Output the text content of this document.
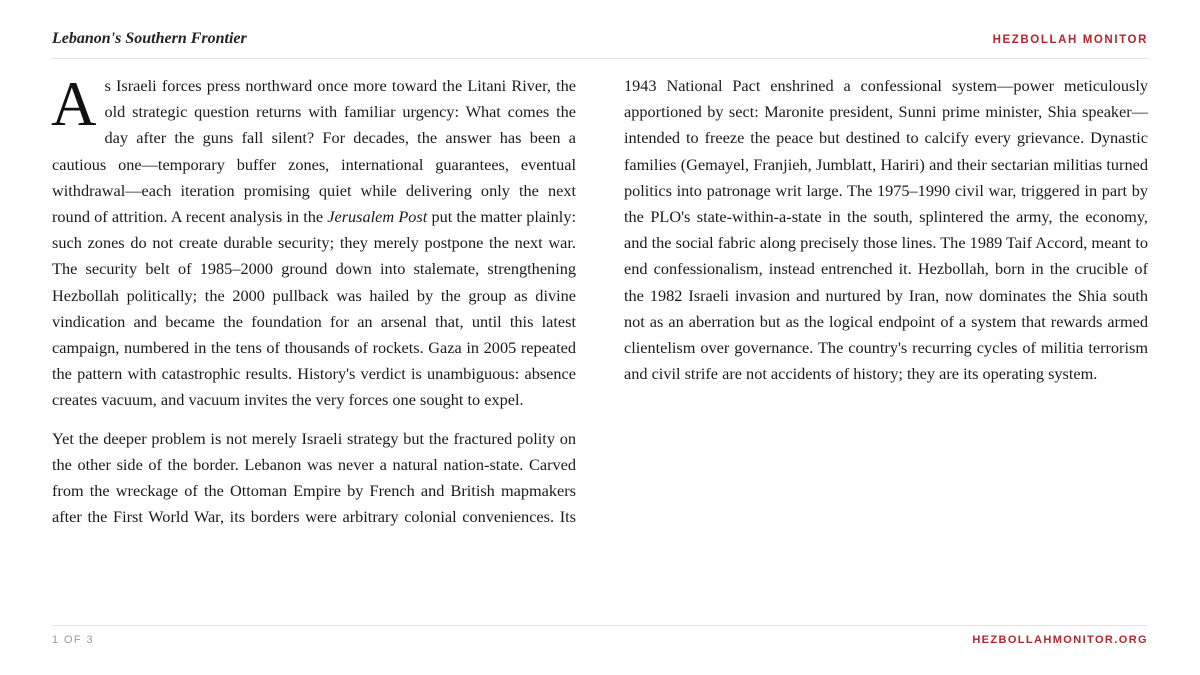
Lebanon's Southern Frontier	HEZBOLLAH MONITOR

As Israeli forces press northward once more toward the Litani River, the old strategic question returns with familiar urgency: What comes the day after the guns fall silent? For decades, the answer has been a cautious one—temporary buffer zones, international guarantees, eventual withdrawal—each iteration promising quiet while delivering only the next round of attrition. A recent analysis in the Jerusalem Post put the matter plainly: such zones do not create durable security; they merely postpone the next war. The security belt of 1985–2000 ground down into stalemate, strengthening Hezbollah politically; the 2000 pullback was hailed by the group as divine vindication and became the foundation for an arsenal that, until this latest campaign, numbered in the tens of thousands of rockets. Gaza in 2005 repeated the pattern with catastrophic results. History's verdict is unambiguous: absence creates vacuum, and vacuum invites the very forces one sought to expel.

Yet the deeper problem is not merely Israeli strategy but the fractured polity on the other side of the border. Lebanon was never a natural nation-state. Carved from the wreckage of the Ottoman Empire by French and British mapmakers after the First World War, its borders were arbitrary colonial conveniences. Its 1943 National Pact enshrined a confessional system—power meticulously apportioned by sect: Maronite president, Sunni prime minister, Shia speaker—intended to freeze the peace but destined to calcify every grievance. Dynastic families (Gemayel, Franjieh, Jumblatt, Hariri) and their sectarian militias turned politics into patronage writ large. The 1975–1990 civil war, triggered in part by the PLO's state-within-a-state in the south, splintered the army, the economy, and the social fabric along precisely those lines. The 1989 Taif Accord, meant to end confessionalism, instead entrenched it. Hezbollah, born in the crucible of the 1982 Israeli invasion and nurtured by Iran, now dominates the Shia south not as an aberration but as the logical endpoint of a system that rewards armed clientelism over governance. The country's recurring cycles of militia terrorism and civil strife are not accidents of history; they are its operating system.

1 OF 3	HEZBOLLAHMONITOR.ORG
